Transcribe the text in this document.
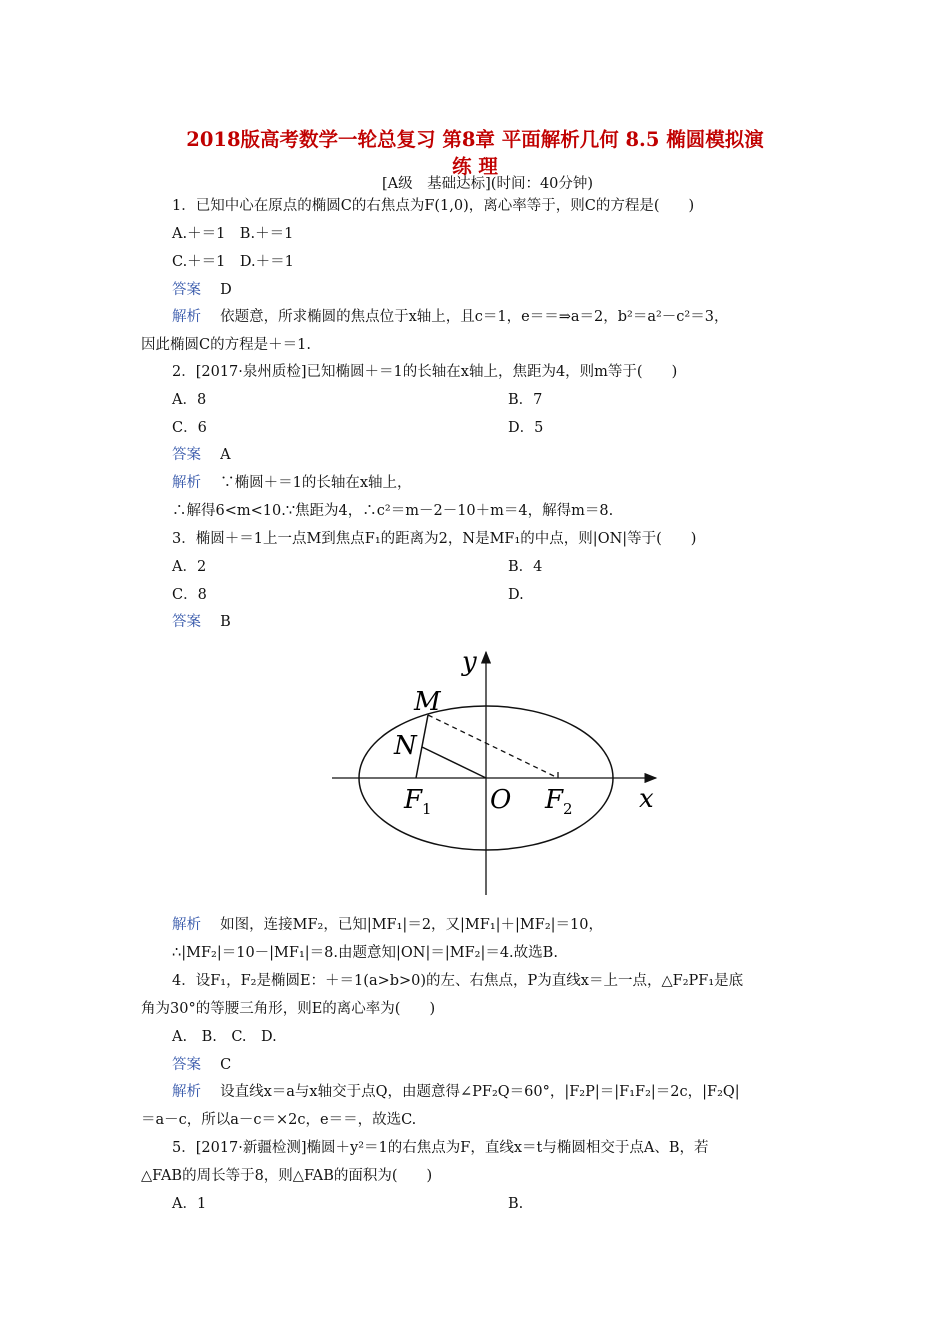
2018版高考数学一轮总复习 第8章 平面解析几何 8.5 椭圆模拟演
练 理
[A级　基础达标](时间：40分钟)
1．已知中心在原点的椭圆C的右焦点为F(1,0)，离心率等于，则C的方程是(　　)
A.＋＝1　B.＋＝1
C.＋＝1　D.＋＝1
答案　 D
解析　 依题意，所求椭圆的焦点位于x轴上，且c＝1，e＝＝⇒a＝2，b²＝a²－c²＝3，
因此椭圆C的方程是＋＝1.
2．[2017·泉州质检]已知椭圆＋＝1的长轴在x轴上，焦距为4，则m等于(　　)
A．8	B．7
C．6	D．5
答案　 A
解析　 ∵椭圆＋＝1的长轴在x轴上，
∴解得6<m<10.∵焦距为4，∴c²＝m－2－10＋m＝4，解得m＝8.
3．椭圆＋＝1上一点M到焦点F₁的距离为2，N是MF₁的中点，则|ON|等于(　　)
A．2	B．4
C．8	D.
答案　 B
y
x
M
N
O
F 1	F 2
解析　 如图，连接MF₂，已知|MF₁|＝2，又|MF₁|＋|MF₂|＝10，
∴|MF₂|＝10－|MF₁|＝8.由题意知|ON|＝|MF₂|＝4.故选B.
4．设F₁，F₂是椭圆E：＋＝1(a>b>0)的左、右焦点，P为直线x＝上一点，△F₂PF₁是底
角为30°的等腰三角形，则E的离心率为(　　)
A.　B.　C.　D.
答案　 C
解析　 设直线x＝a与x轴交于点Q，由题意得∠PF₂Q＝60°，|F₂P|＝|F₁F₂|＝2c，|F₂Q|
＝a－c，所以a－c＝×2c，e＝＝，故选C.
5．[2017·新疆检测]椭圆＋y²＝1的右焦点为F，直线x＝t与椭圆相交于点A、B，若
△FAB的周长等于8，则△FAB的面积为(　　)
A．1	B.
